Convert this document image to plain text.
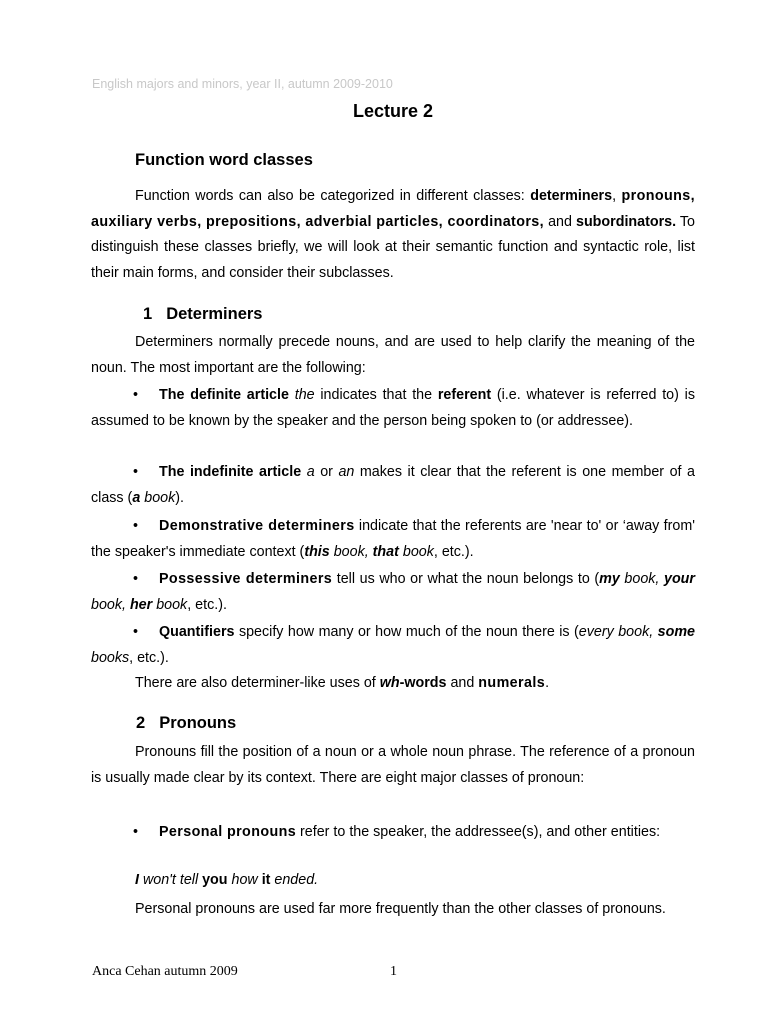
English majors and minors, year II, autumn 2009-2010
Lecture 2
Function word classes

Function words can also be categorized in different classes: determiners, pronouns, auxiliary verbs, prepositions, adverbial particles, coordinators, and subordinators. To distinguish these classes briefly, we will look at their semantic function and syntactic role, list their main forms, and consider their subclasses.

1 Determiners

Determiners normally precede nouns, and are used to help clarify the meaning of the noun. The most important are the following:

• The definite article the indicates that the referent (i.e. whatever is referred to) is assumed to be known by the speaker and the person being spoken to (or addressee).

• The indefinite article a or an makes it clear that the referent is one member of a class (a book).

• Demonstrative determiners indicate that the referents are 'near to' or ‘away from' the speaker's immediate context (this book, that book, etc.).

• Possessive determiners tell us who or what the noun belongs to (my book, your book, her book, etc.).

• Quantifiers specify how many or how much of the noun there is (every book, some books, etc.).

There are also determiner-like uses of wh-words and numerals.

2 Pronouns

Pronouns fill the position of a noun or a whole noun phrase. The reference of a pronoun is usually made clear by its context. There are eight major classes of pronoun:

• Personal pronouns refer to the speaker, the addressee(s), and other entities:

I won't tell you how it ended.

Personal pronouns are used far more frequently than the other classes of pronouns.

Anca Cehan autumn 2009	1
